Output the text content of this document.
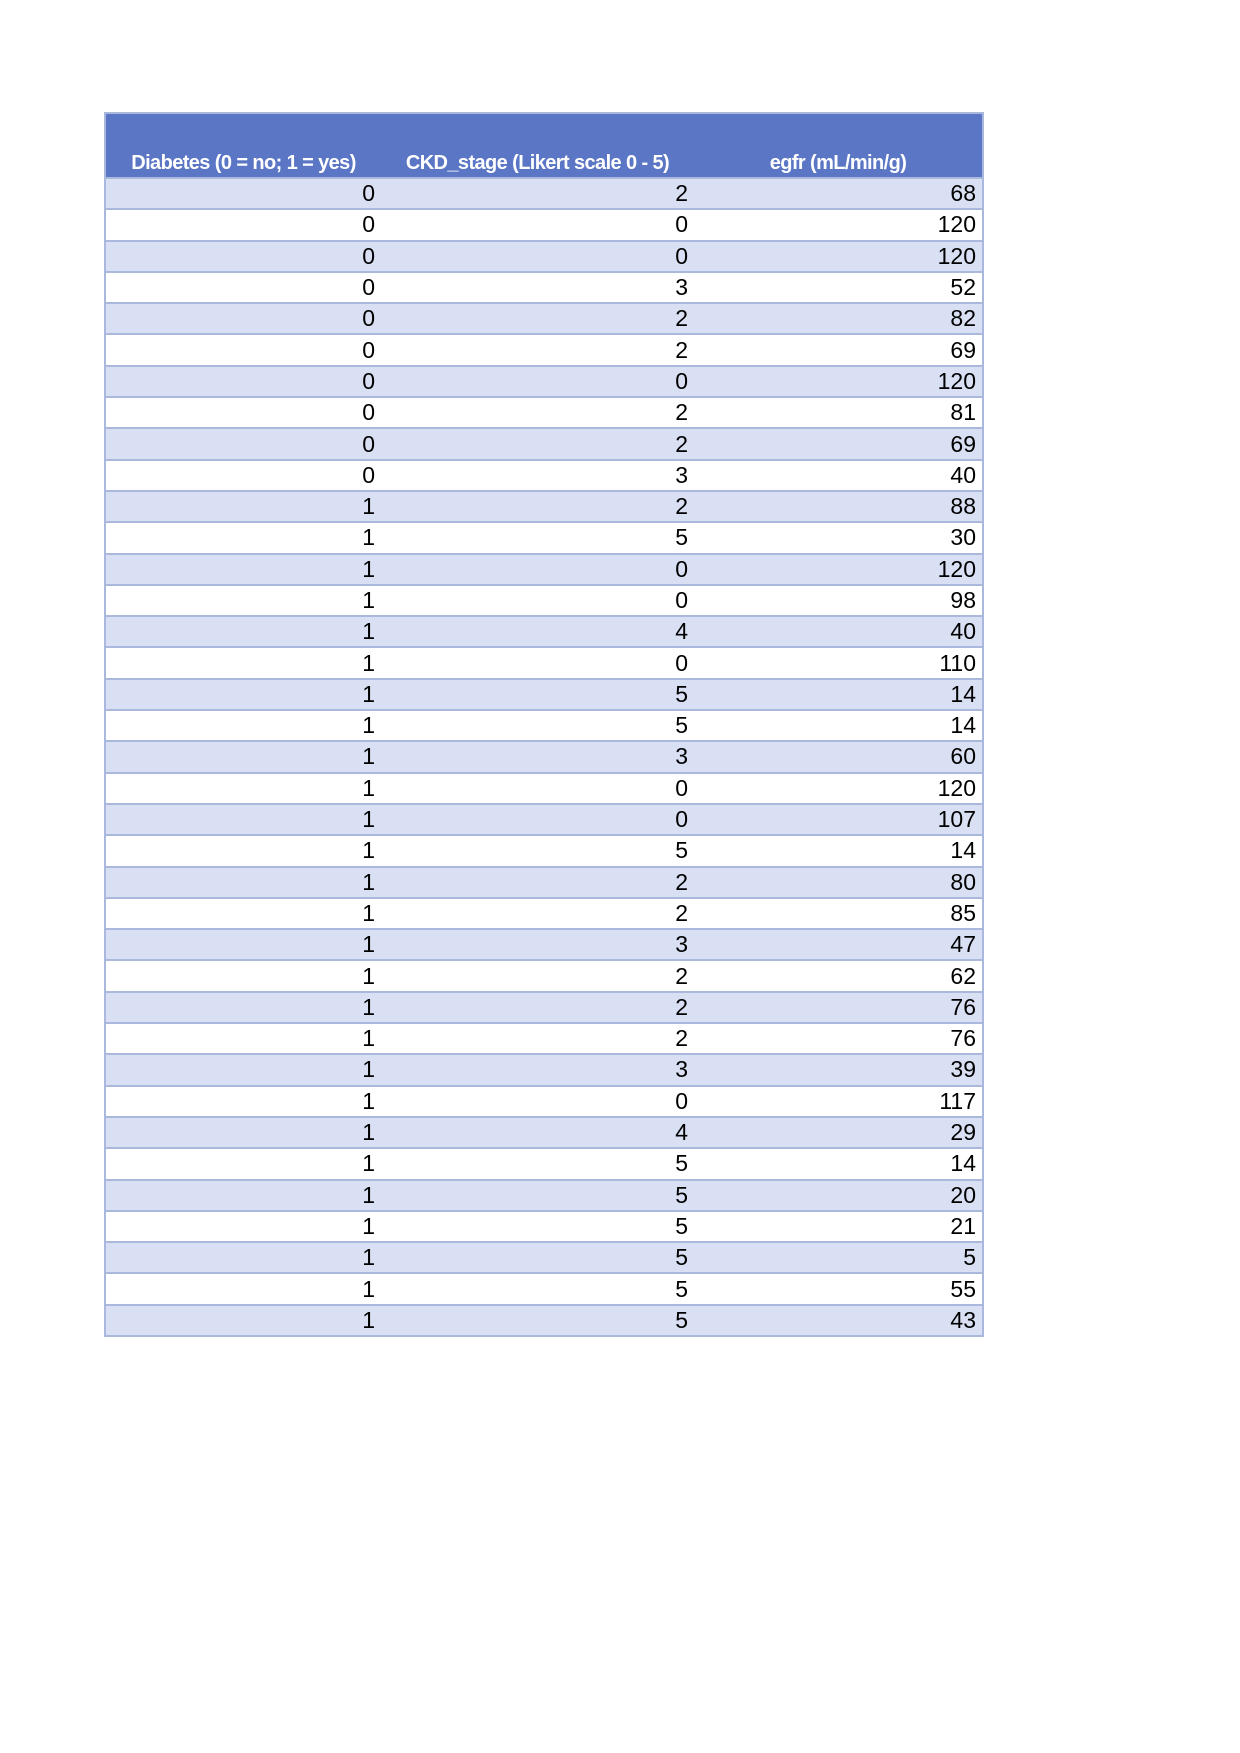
Diabetes (0 = no; 1 = yes)	CKD_stage (Likert scale 0 - 5)	egfr (mL/min/g)
0	2	68
0	0	120
0	0	120
0	3	52
0	2	82
0	2	69
0	0	120
0	2	81
0	2	69
0	3	40
1	2	88
1	5	30
1	0	120
1	0	98
1	4	40
1	0	110
1	5	14
1	5	14
1	3	60
1	0	120
1	0	107
1	5	14
1	2	80
1	2	85
1	3	47
1	2	62
1	2	76
1	2	76
1	3	39
1	0	117
1	4	29
1	5	14
1	5	20
1	5	21
1	5	5
1	5	55
1	5	43
